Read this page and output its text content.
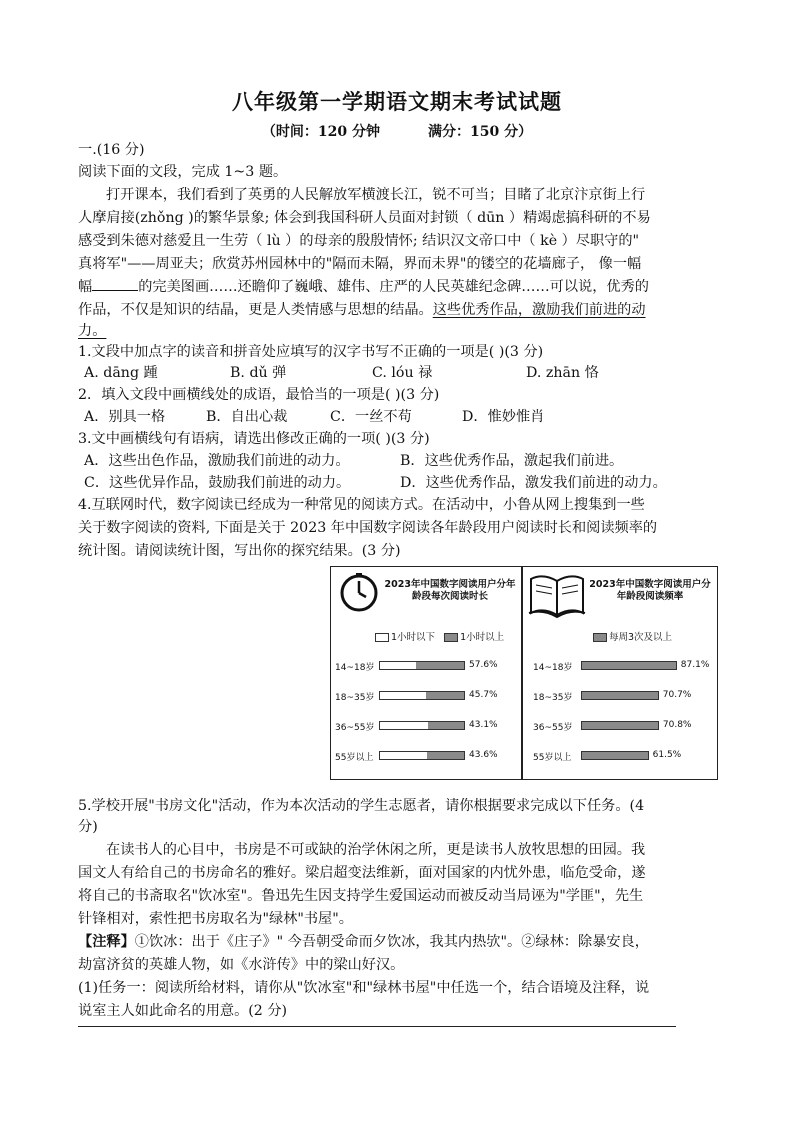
八年级第一学期语文期末考试试题
（时间：120 分钟	满分：150 分）
一.(16 分)
阅读下面的文段，完成 1~3 题。
打开课本，我们看到了英勇的人民解放军横渡长江，锐不可当；目睹了北京汴京街上行
人摩肩接(zhǒng )的繁华景象; 体会到我国科研人员面对封锁（ dūn ）精竭虑搞科研的不易
感受到朱德对慈爱且一生劳（ lù ）的母亲的殷殷情怀; 结识汉文帝口中（ kè ）尽职守的"
真将军"——周亚夫；欣赏苏州园林中的"隔而未隔，界而未界"的镂空的花墙廊子， 像一幅
幅	的完美图画……还瞻仰了巍峨、雄伟、庄严的人民英雄纪念碑……可以说，优秀的
作品，不仅是知识的结晶，更是人类情感与思想的结晶。这些优秀作品，激励我们前进的动
力。
1.文段中加点字的读音和拼音处应填写的汉字书写不正确的一项是( )(3 分)
A. dāng 踵	B. dǔ 弹	C. lóu 禄	D. zhān 恪
2．填入文段中画横线处的成语，最恰当的一项是( )(3 分)
A．别具一格	B．自出心裁	C．一丝不苟	D．惟妙惟肖
3.文中画横线句有语病，请选出修改正确的一项( )(3 分)
A．这些出色作品，激励我们前进的动力。	B．这些优秀作品，激起我们前进。
C．这些优异作品，鼓励我们前进的动力。	D．这些优秀作品，激发我们前进的动力。
4.互联网时代，数字阅读已经成为一种常见的阅读方式。在活动中，小鲁从网上搜集到一些
关于数字阅读的资料, 下面是关于 2023 年中国数字阅读各年龄段用户阅读时长和阅读频率的
统计图。请阅读统计图，写出你的探究结果。(3 分)
2023年中国数字阅读用户分年龄段每次阅读时长
2023年中国数字阅读用户分年龄段阅读频率
1小时以下	1小时以上	每周3次及以上
14~18岁	57.6%
18~35岁	45.7%
36~55岁	43.1%
55岁以上	43.6%
14~18岁	87.1%
18~35岁	70.7%
36~55岁	70.8%
55岁以上	61.5%
5.学校开展"书房文化"活动，作为本次活动的学生志愿者，请你根据要求完成以下任务。(4
分)
在读书人的心目中，书房是不可或缺的治学休闲之所，更是读书人放牧思想的田园。我
国文人有给自己的书房命名的雅好。梁启超变法维新，面对国家的内忧外患，临危受命，遂
将自己的书斋取名"饮冰室"。鲁迅先生因支持学生爱国运动而被反动当局诬为"学匪"，先生
针锋相对，索性把书房取名为"绿林"书屋"。
【注释】①饮冰：出于《庄子》" 今吾朝受命而夕饮冰，我其内热欤"。②绿林：除暴安良，
劫富济贫的英雄人物，如《水浒传》中的梁山好汉。
(1)任务一：阅读所给材料，请你从"饮冰室"和"绿林书屋"中任选一个，结合语境及注释，说
说室主人如此命名的用意。(2 分)
